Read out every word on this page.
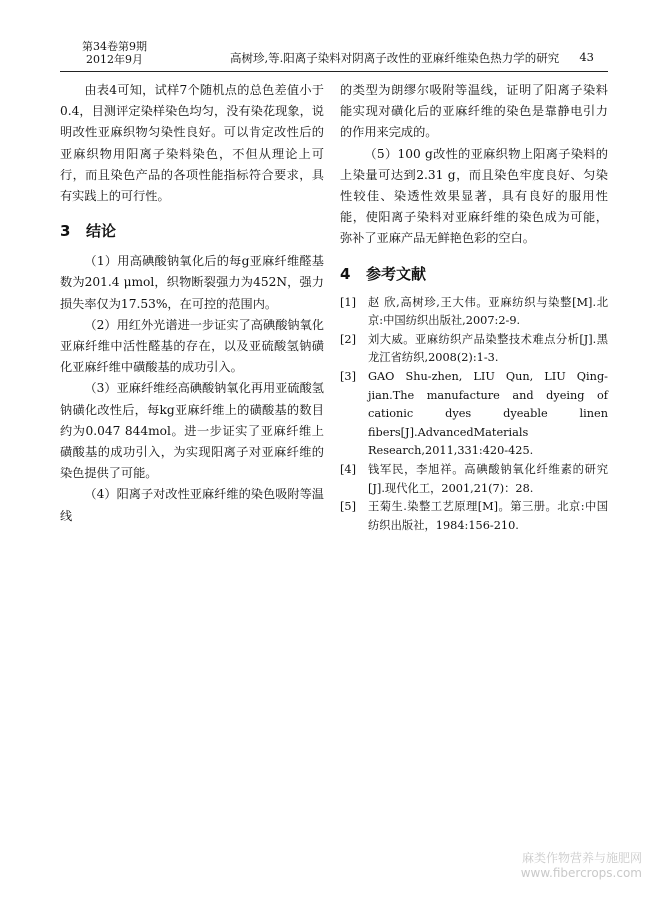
第34卷第9期
2012年9月	高树珍,等.阳离子染料对阴离子改性的亚麻纤维染色热力学的研究 43

由表4可知，试样7个随机点的总色差值小于0.4，目测评定染样染色均匀，没有染花现象，说明改性亚麻织物匀染性良好。可以肯定改性后的亚麻织物用阳离子染料染色，不但从理论上可行，而且染色产品的各项性能指标符合要求，具有实践上的可行性。

3 结论

（1）用高碘酸钠氧化后的每g亚麻纤维醛基数为201.4 μmol，织物断裂强力为452N，强力损失率仅为17.53%，在可控的范围内。

（2）用红外光谱进一步证实了高碘酸钠氧化亚麻纤维中活性醛基的存在，以及亚硫酸氢钠磺化亚麻纤维中磺酸基的成功引入。

（3）亚麻纤维经高碘酸钠氧化再用亚硫酸氢钠磺化改性后，每kg亚麻纤维上的磺酸基的数目约为0.047 844mol。进一步证实了亚麻纤维上磺酸基的成功引入，为实现阳离子对亚麻纤维的染色提供了可能。

（4）阳离子对改性亚麻纤维的染色吸附等温线

的类型为朗缪尔吸附等温线，证明了阳离子染料能实现对磺化后的亚麻纤维的染色是靠静电引力的作用来完成的。

（5）100 g改性的亚麻织物上阳离子染料的上染量可达到2.31 g，而且染色牢度良好、匀染性较佳、染透性效果显著，具有良好的服用性能，使阳离子染料对亚麻纤维的染色成为可能，弥补了亚麻产品无鲜艳色彩的空白。

4 参考文献
[1] 赵 欣,高树珍,王大伟。亚麻纺织与染整[M].北京:中国纺织出版社,2007:2-9.
[2] 刘大威。亚麻纺织产品染整技术难点分析[J].黑龙江省纺织,2008(2):1-3.
[3] GAO Shu-zhen, LIU Qun, LIU Qing-jian.The manufacture and dyeing of cationic dyes dyeable linen fibers[J].AdvancedMaterials Research,2011,331:420-425.
[4] 钱军民，李旭祥。高碘酸钠氧化纤维素的研究[J].现代化工，2001,21(7)：28.
[5] 王菊生.染整工艺原理[M]。第三册。北京:中国纺织出版社，1984:156-210.
麻类作物营养与施肥网
www.fibercrops.com
